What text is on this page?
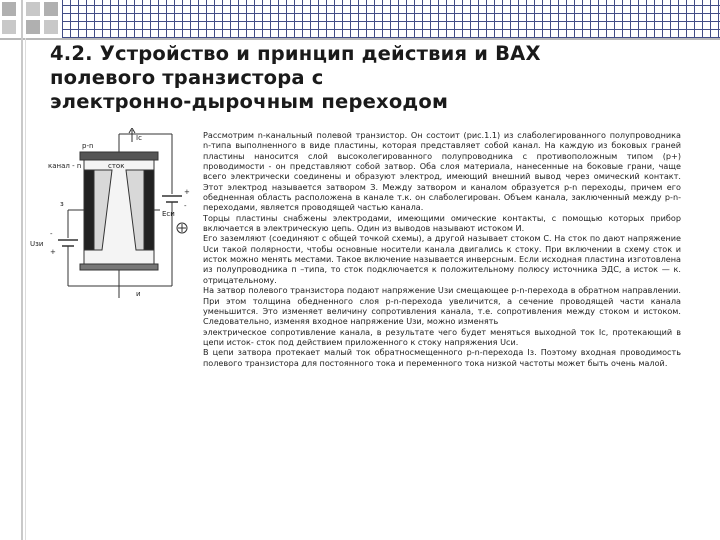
4.2. Устройство и принцип действия и ВАХ
полевого транзистора с
электронно-дырочным переходом
канал - n	сток
з
и
Uзи
-
+
Eси
+
-
Iс
p-n

Рассмотрим n-канальный полевой транзистор. Он состоит (рис.1.1) из слаболегированного полупроводника n-типа выполненного в виде пластины, которая представляет собой канал. На каждую из боковых граней пластины наносится слой высоколегированного полупроводника с противоположным типом (p+) проводимости - он представляют собой затвор. Оба слоя материала, нанесенные на боковые грани, чаще всего электрически соединены и образуют электрод, имеющий внешний вывод через омический контакт. Этот электрод называется затвором З. Между затвором и каналом образуется p-n переходы, причем его обедненная область расположена в канале т.к. он слаболегирован. Объем канала, заключенный между p-n- переходами, является проводящей частью канала.

Торцы пластины снабжены электродами, имеющими омические контакты, с помощью которых прибор включается в электрическую цепь. Один из выводов называют истоком И.

Его заземляют (соединяют с общей точкой схемы), а другой называет стоком С. На сток по дают напряжение Uси такой полярности, чтобы основные носители канала двигались к стоку. При включении в схему сток и исток можно менять местами. Такое включение называется инверсным. Если исходная пластина изготовлена из полупроводника п –типа, то сток подключается к положительному полюсу источника ЭДС, а исток — к. отрицательному.

На затвор полевого транзистора подают напряжение Uзи смещающее p-n-перехода в обратном направлении. При этом толщина обедненного слоя p-n-перехода увеличится, а сечение проводящей части канала уменьшится. Это изменяет величину сопротивления канала, т.е. сопротивления между стоком и истоком. Следовательно, изменяя входное напряжение Uзи, можно изменять

электрическое сопротивление канала, в результате чего будет меняться выходной ток Ic, протекающий в цепи исток- сток под действием приложенного к стоку напряжения Uси.

В цепи затвора протекает малый ток обратносмещенного p-n-перехода Iз. Поэтому входная проводимость полевого транзистора для постоянного тока и переменного тока низкой частоты может быть очень малой.
